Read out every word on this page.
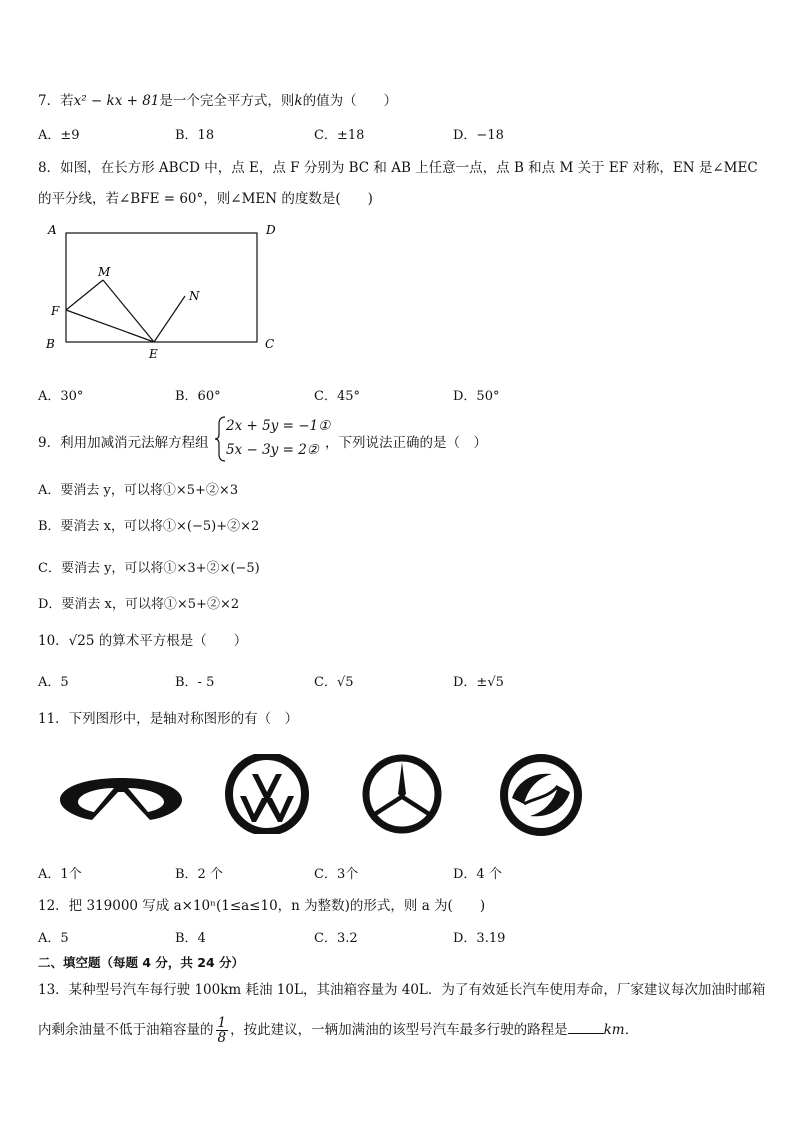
7．若x² − kx + 81是一个完全平方式，则k的值为（　　）
A．±9	B．18	C．±18	D．−18
8．如图，在长方形 ABCD 中，点 E，点 F 分别为 BC 和 AB 上任意一点，点 B 和点 M 关于 EF 对称，EN 是∠MEC
的平分线，若∠BFE = 60°，则∠MEN 的度数是(　　)
A	D
M
N
F
B
E
C
A．30°	B．60°	C．45°	D．50°
9．利用加减消元法解方程组
2x + 5y = −1①
5x − 3y = 2② ，下列说法正确的是（　）
A．要消去 y，可以将①×5+②×3
B．要消去 x，可以将①×(−5)+②×2
C．要消去 y，可以将①×3+②×(−5)
D．要消去 x，可以将①×5+②×2
10．√25 的算术平方根是（　　）
A．5	B．- 5	C．√5	D．±√5
11．下列图形中，是轴对称图形的有（　）
A．1个	B．2 个	C．3个	D．4 个
12．把 319000 写成 a×10ⁿ(1≤a≤10，n 为整数)的形式，则 a 为(　　)
A．5	B．4	C．3.2	D．3.19
二、填空题（每题 4 分，共 24 分）
13．某种型号汽车每行驶 100km 耗油 10L，其油箱容量为 40L．为了有效延长汽车使用寿命，厂家建议每次加油时邮箱
内剩余油量不低于油箱容量的 $\frac{1}{8}$ ，按此建议，一辆加满油的该型号汽车最多行驶的路程是	km．
